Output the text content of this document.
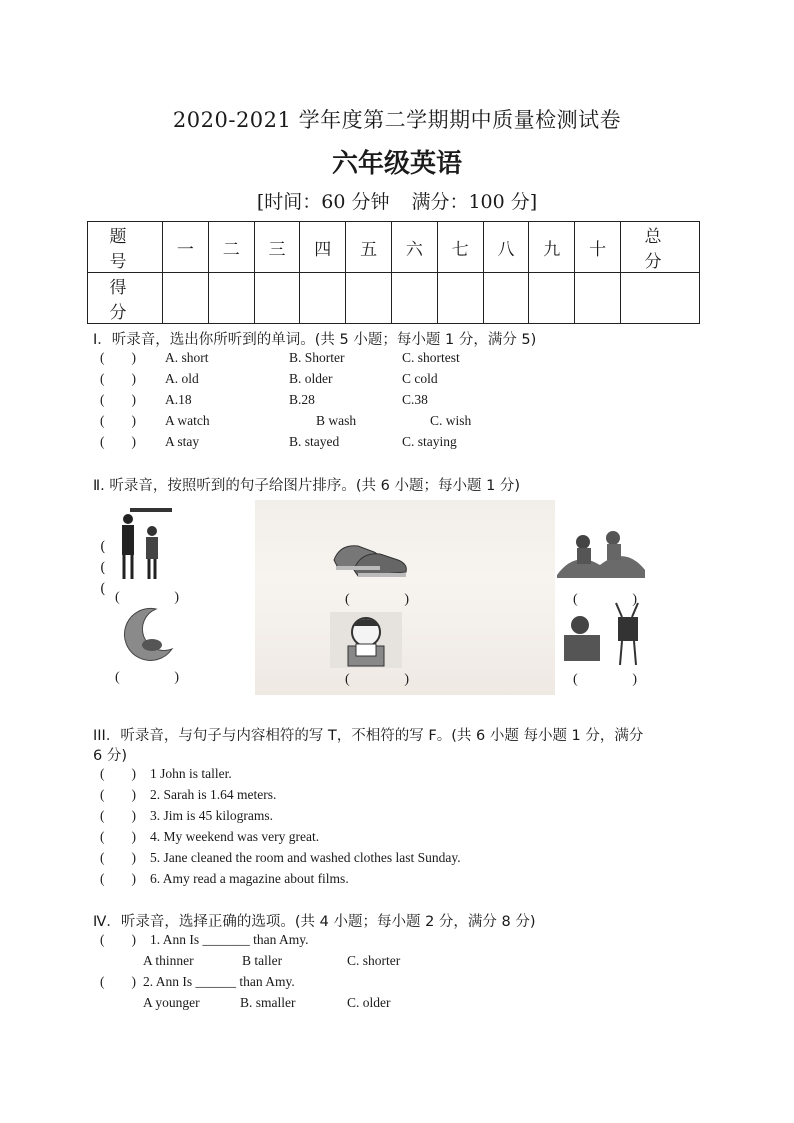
2020-2021 学年度第二学期期中质量检测试卷
六年级英语
[时间：60 分钟 满分：100 分]
题　号	一	二	三	四	五	六	七	八	九	十	总　分
得　分											
Ⅰ．听录音，选出你所听到的单词。(共 5 小题；每小题 1 分，满分 5)
( ) A. short	B. Shorter	C. shortest
( ) A. old	B. older	C cold
( ) A.18	B.28	C.38
( ) A watch	B wash	C. wish
( ) A stay	B. stayed	C. staying
Ⅱ. 听录音，按照听到的句子给图片排序。(共 6 小题；每小题 1 分)
(
(
(
(	)	(	)	(	)
(	)	(	)	(	)
III．听录音，与句子与内容相符的写 T，不相符的写 F。(共 6 小题 每小题 1 分，满分
6 分)
( ) 1 John is taller.
( ) 2. Sarah is 1.64 meters.
( ) 3. Jim is 45 kilograms.
( ) 4. My weekend was very great.
( ) 5. Jane cleaned the room and washed clothes last Sunday.
( ) 6. Amy read a magazine about films.
Ⅳ．听录音，选择正确的选项。(共 4 小题；每小题 2 分，满分 8 分)
( ) 1. Ann Is _______ than Amy.
A thinner	B taller	C. shorter
( ) 2. Ann Is ______ than Amy.
A younger	B. smaller	C. older
